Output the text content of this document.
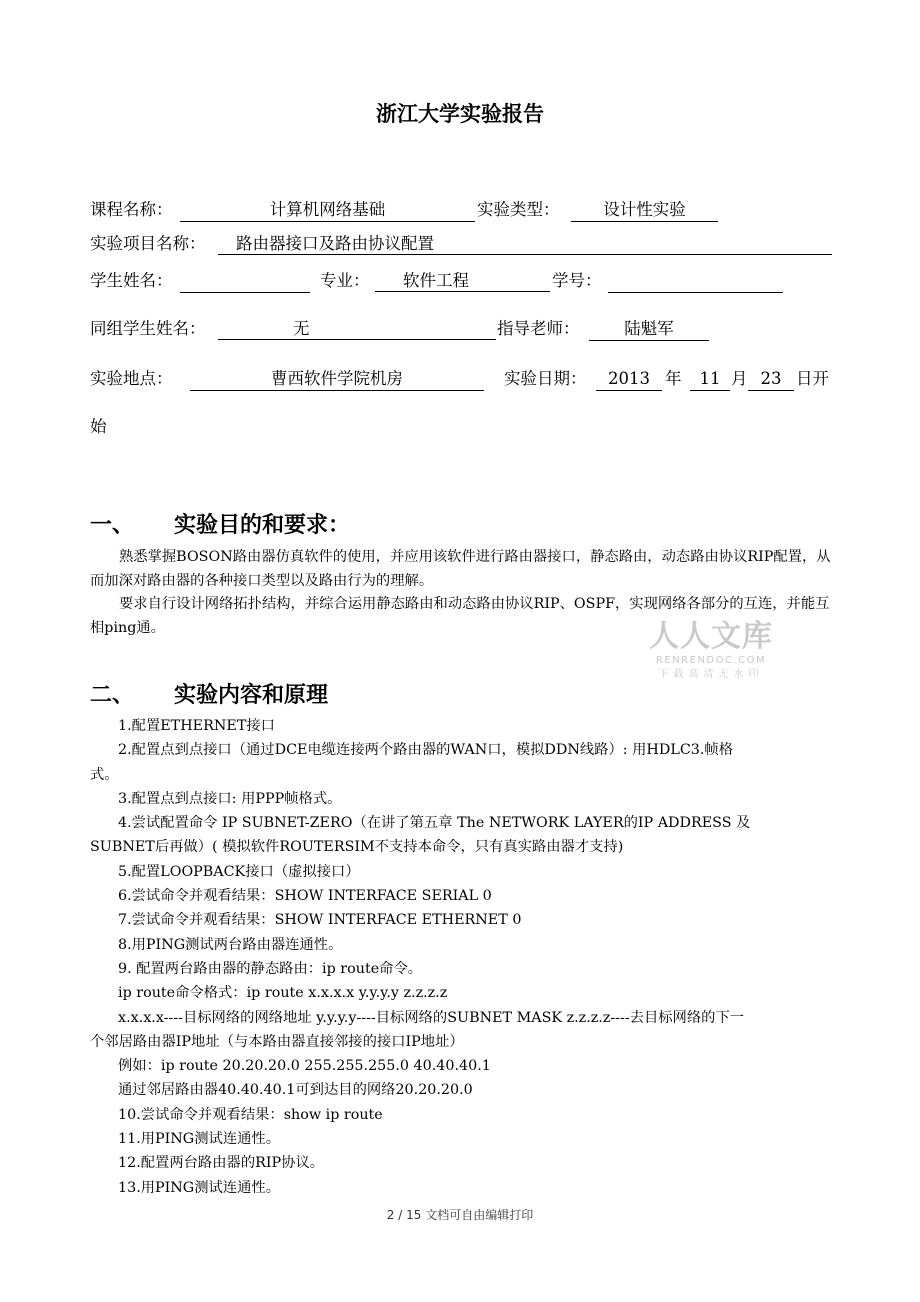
浙江大学实验报告
课程名称：	计算机网络基础	实验类型：	设计性实验
实验项目名称：	路由器接口及路由协议配置
学生姓名：	专业：	软件工程	学号：
同组学生姓名：	无	指导老师：	陆魁军
实验地点：	曹西软件学院机房	实验日期：	2013 年	11 月 23 日开
始
一、 实验目的和要求：

熟悉掌握BOSON路由器仿真软件的使用，并应用该软件进行路由器接口，静态路由，动态路由协议RIP配置，从而加深对路由器的各种接口类型以及路由行为的理解。

要求自行设计网络拓扑结构，并综合运用静态路由和动态路由协议RIP、OSPF，实现网络各部分的互连，并能互相ping通。	人人文库
RENRENDOC.COM
下载高清无水印
二、 实验内容和原理
1.配置ETHERNET接口
2.配置点到点接口（通过DCE电缆连接两个路由器的WAN口，模拟DDN线路）: 用HDLC3.帧格
式。
3.配置点到点接口: 用PPP帧格式。
4.尝试配置命令 IP SUBNET-ZERO（在讲了第五章 The NETWORK LAYER的IP ADDRESS 及
SUBNET后再做）( 模拟软件ROUTERSIM不支持本命令，只有真实路由器才支持)
5.配置LOOPBACK接口（虚拟接口）
6.尝试命令并观看结果：SHOW INTERFACE SERIAL 0
7.尝试命令并观看结果：SHOW INTERFACE ETHERNET 0
8.用PING测试两台路由器连通性。
9. 配置两台路由器的静态路由：ip route命令。
ip route命令格式：ip route x.x.x.x y.y.y.y z.z.z.z
x.x.x.x----目标网络的网络地址 y.y.y.y----目标网络的SUBNET MASK z.z.z.z----去目标网络的下一
个邻居路由器IP地址（与本路由器直接邻接的接口IP地址）
例如：ip route 20.20.20.0 255.255.255.0 40.40.40.1
通过邻居路由器40.40.40.1可到达目的网络20.20.20.0
10.尝试命令并观看结果：show ip route
11.用PING测试连通性。
12.配置两台路由器的RIP协议。
13.用PING测试连通性。
2 / 15 文档可自由编辑打印
